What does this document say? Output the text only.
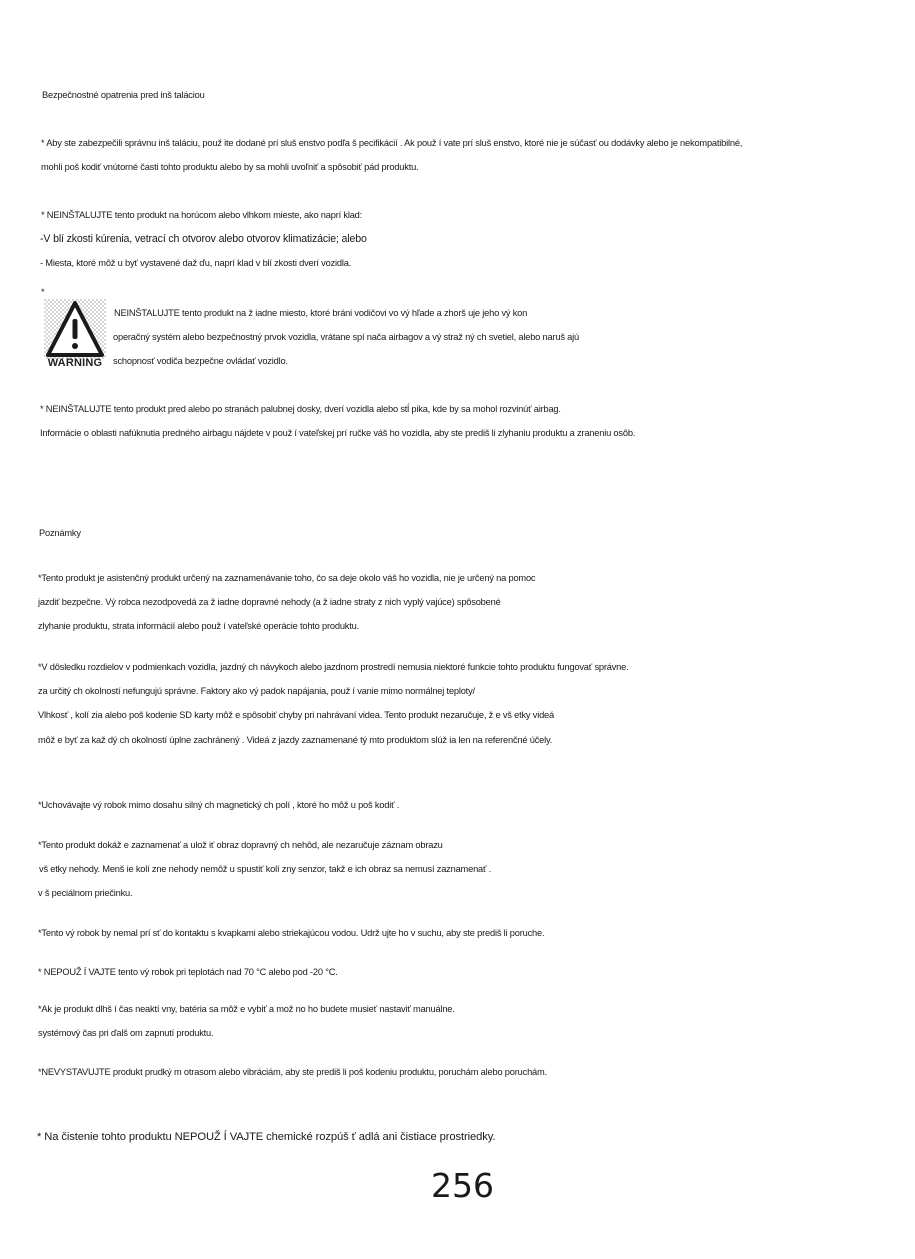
Bezpečnostné opatrenia pred inš taláciou
* Aby ste zabezpečili správnu inš taláciu, použ ite dodané prí sluš enstvo podľa š pecifikácií . Ak použ í vate prí sluš enstvo, ktoré nie je súčasť ou dodávky alebo je nekompatibilné,
mohli poš kodiť vnútorné časti tohto produktu alebo by sa mohli uvoľniť a spôsobiť pád produktu.
* NEINŠTALUJTE tento produkt na horúcom alebo vlhkom mieste, ako naprí klad:
-V blí zkosti kúrenia, vetrací ch otvorov alebo otvorov klimatizácie; alebo
- Miesta, ktoré môž u byť vystavené daž ďu, naprí klad v blí zkosti dverí vozidla.
*
WARNING
NEINŠTALUJTE tento produkt na ž iadne miesto, ktoré bráni vodičovi vo vý hľade a zhorš uje jeho vý kon
operačný systém alebo bezpečnostný prvok vozidla, vrátane spí nača airbagov a vý straž ný ch svetiel, alebo naruš ajú
schopnosť vodiča bezpečne ovládať vozidlo.
* NEINŠTALUJTE tento produkt pred alebo po stranách palubnej dosky, dverí vozidla alebo stĺ pika, kde by sa mohol rozvinúť airbag.
Informácie o oblasti nafúknutia predného airbagu nájdete v použ í vateľskej prí ručke váš ho vozidla, aby ste prediš li zlyhaniu produktu a zraneniu osôb.
Poznámky
*Tento produkt je asistenčný produkt určený na zaznamenávanie toho, čo sa deje okolo váš ho vozidla, nie je určený na pomoc
jazdiť bezpečne. Vý robca nezodpovedá za ž iadne dopravné nehody (a ž iadne straty z nich vyplý vajúce) spôsobené
zlyhanie produktu, strata informácií alebo použ í vateľské operácie tohto produktu.
*V dôsledku rozdielov v podmienkach vozidla, jazdný ch návykoch alebo jazdnom prostredí nemusia niektoré funkcie tohto produktu fungovať správne.
za určitý ch okolností nefungujú správne. Faktory ako vý padok napájania, použ í vanie mimo normálnej teploty/
Vlhkosť , kolí zia alebo poš kodenie SD karty môž e spôsobiť chyby pri nahrávaní videa. Tento produkt nezaručuje, ž e vš etky videá
môž e byť za kaž dý ch okolností úplne zachránený . Videá z jazdy zaznamenané tý mto produktom slúž ia len na referenčné účely.
*Uchovávajte vý robok mimo dosahu silný ch magnetický ch polí , ktoré ho môž u poš kodiť .
*Tento produkt dokáž e zaznamenať a ulož iť obraz dopravný ch nehôd, ale nezaručuje záznam obrazu
vš etky nehody. Menš ie kolí zne nehody nemôž u spustiť kolí zny senzor, takž e ich obraz sa nemusí zaznamenať .
v š peciálnom priečinku.
*Tento vý robok by nemal prí sť do kontaktu s kvapkami alebo striekajúcou vodou. Udrž ujte ho v suchu, aby ste prediš li poruche.
* NEPOUŽ Í VAJTE tento vý robok pri teplotách nad 70 °C alebo pod -20 °C.
*Ak je produkt dlhš í čas neaktí vny, batéria sa môž e vybiť a mož no ho budete musieť nastaviť manuálne.
systémový čas pri ďalš om zapnutí produktu.
*NEVYSTAVUJTE produkt prudký m otrasom alebo vibráciám, aby ste prediš li poš kodeniu produktu, poruchám alebo poruchám.
* Na čistenie tohto produktu NEPOUŽ Í VAJTE chemické rozpúš ť adlá ani čistiace prostriedky.
256
